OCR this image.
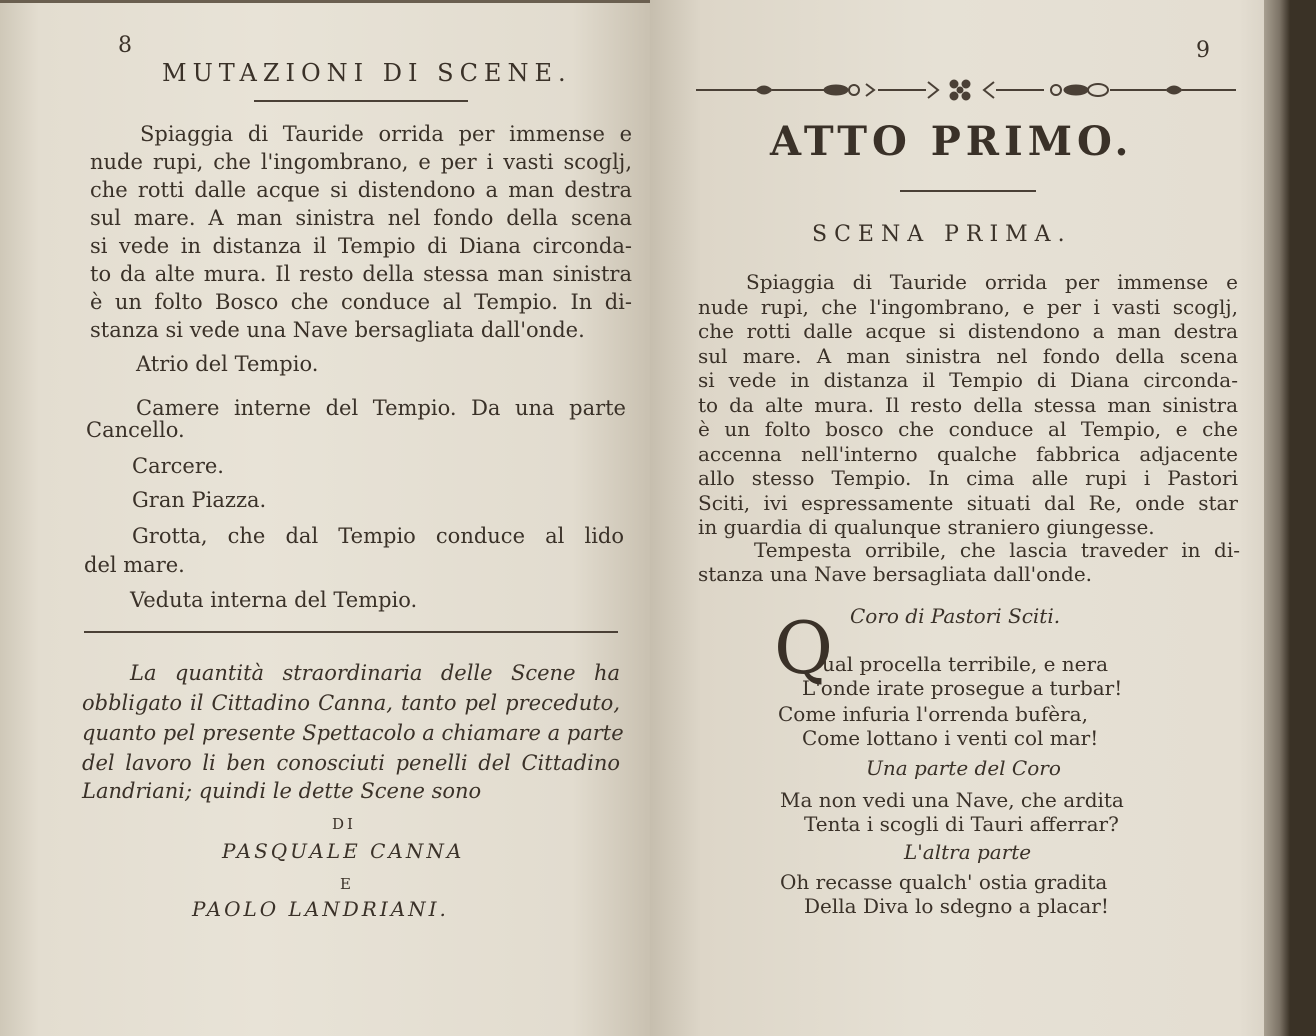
8
MUTAZIONI DI SCENE.
Spiaggia di Tauride orrida per immense e
nude rupi, che l'ingombrano, e per i vasti scoglj,
che rotti dalle acque si distendono a man destra
sul mare. A man sinistra nel fondo della scena
si vede in distanza il Tempio di Diana circonda-
to da alte mura. Il resto della stessa man sinistra
è un folto Bosco che conduce al Tempio. In di-
stanza si vede una Nave bersagliata dall'onde.
Atrio del Tempio.
Camere interne del Tempio. Da una parte
Cancello.
Carcere.
Gran Piazza.
Grotta, che dal Tempio conduce al lido
del mare.
Veduta interna del Tempio.
La quantità straordinaria delle Scene ha
obbligato il Cittadino Canna, tanto pel preceduto,
quanto pel presente Spettacolo a chiamare a parte
del lavoro li ben conosciuti penelli del Cittadino
Landriani; quindi le dette Scene sono
DI
PASQUALE CANNA
E
PAOLO LANDRIANI.
9
ATTO PRIMO.
SCENA PRIMA.
Spiaggia di Tauride orrida per immense e
nude rupi, che l'ingombrano, e per i vasti scoglj,
che rotti dalle acque si distendono a man destra
sul mare. A man sinistra nel fondo della scena
si vede in distanza il Tempio di Diana circonda-
to da alte mura. Il resto della stessa man sinistra
è un folto bosco che conduce al Tempio, e che
accenna nell'interno qualche fabbrica adjacente
allo stesso Tempio. In cima alle rupi i Pastori
Sciti, ivi espressamente situati dal Re, onde star
in guardia di qualunque straniero giungesse.
Tempesta orribile, che lascia traveder in di-
stanza una Nave bersagliata dall'onde.
Coro di Pastori Sciti.
Q
ual procella terribile, e nera
L'onde irate prosegue a turbar!
Come infuria l'orrenda bufèra,
Come lottano i venti col mar!
Una parte del Coro
Ma non vedi una Nave, che ardita
Tenta i scogli di Tauri afferrar?
L'altra parte
Oh recasse qualch' ostia gradita
Della Diva lo sdegno a placar!
